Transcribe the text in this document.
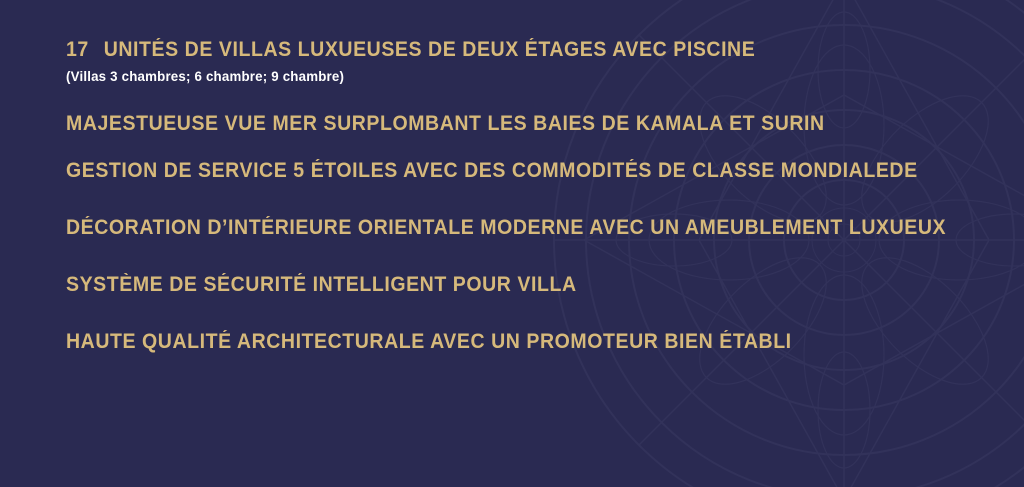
17 UNITÉS DE VILLAS LUXUEUSES DE DEUX ÉTAGES AVEC PISCINE
(Villas 3 chambres; 6 chambre; 9 chambre)
MAJESTUEUSE VUE MER SURPLOMBANT LES BAIES DE KAMALA ET SURIN
GESTION DE SERVICE 5 ÉTOILES AVEC DES COMMODITÉS DE CLASSE MONDIALEDE
DÉCORATION D’INTÉRIEURE ORIENTALE MODERNE AVEC UN AMEUBLEMENT LUXUEUX
SYSTÈME DE SÉCURITÉ INTELLIGENT POUR VILLA
HAUTE QUALITÉ ARCHITECTURALE AVEC UN PROMOTEUR BIEN ÉTABLI
